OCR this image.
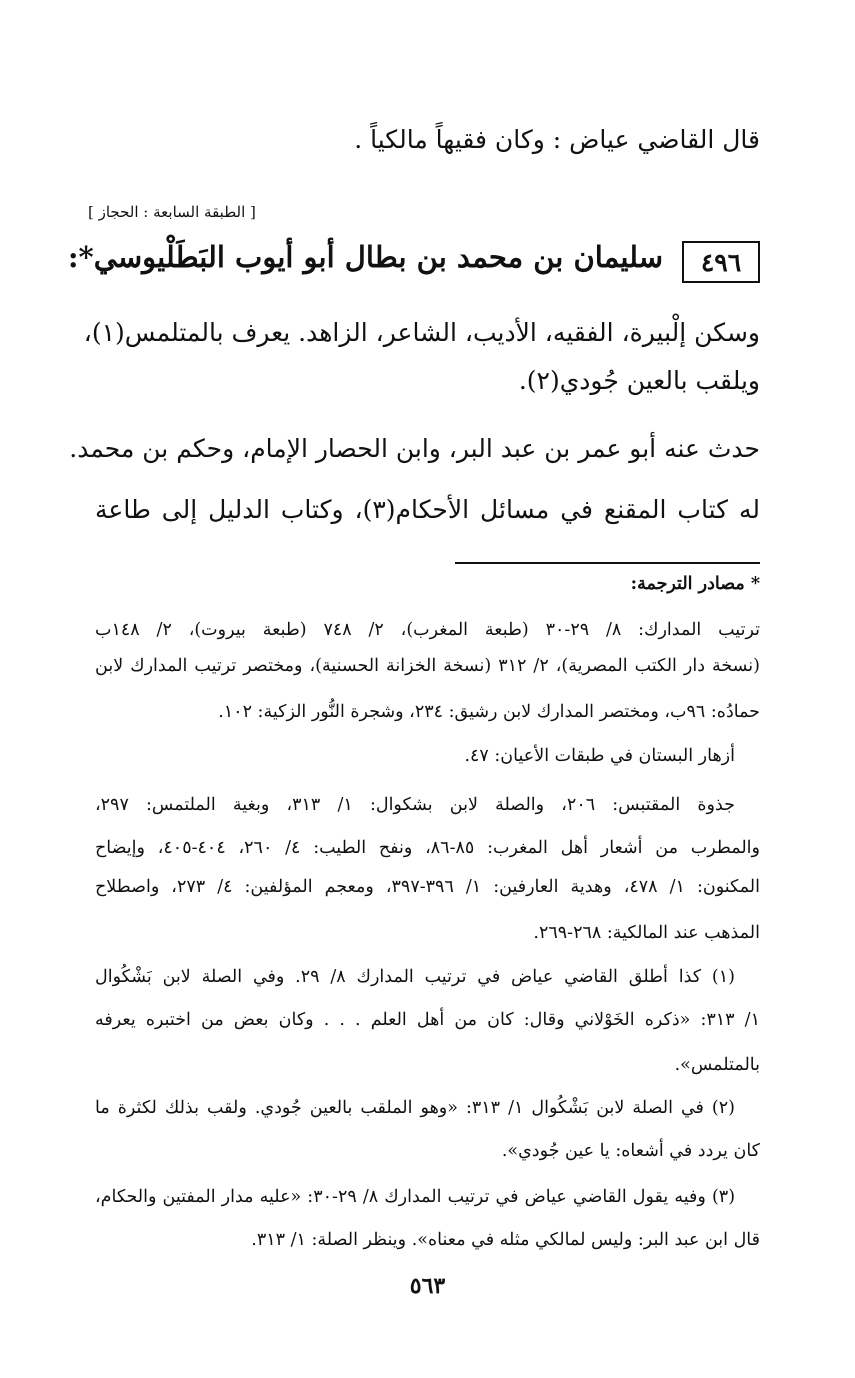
قال القاضي عياض : وكان فقيهاً مالكياً .
[ الطبقة السابعة : الحجاز ]
٤٩٦
سليمان بن محمد بن بطال أبو أيوب البَطَلْيوسي*:
وسكن إلْبيرة، الفقيه، الأديب، الشاعر، الزاهد. يعرف بالمتلمس(١)،
ويلقب بالعين جُودي(٢).
حدث عنه أبو عمر بن عبد البر، وابن الحصار الإمام، وحكم بن محمد.
له كتاب المقنع في مسائل الأحكام(٣)، وكتاب الدليل إلى طاعة
* مصادر الترجمة:
ترتيب المدارك: ٨/ ٢٩-٣٠ (طبعة المغرب)، ٢/ ٧٤٨ (طبعة بيروت)، ٢/ ١٤٨ب
(نسخة دار الكتب المصرية)، ٢/ ٣١٢ (نسخة الخزانة الحسنية)، ومختصر ترتيب المدارك لابن
حمادُه: ٩٦ب، ومختصر المدارك لابن رشيق: ٢٣٤، وشجرة النُّور الزكية: ١٠٢.
أزهار البستان في طبقات الأعيان: ٤٧.
جذوة المقتبس: ٢٠٦، والصلة لابن بشكوال: ١/ ٣١٣، وبغية الملتمس: ٢٩٧،
والمطرب من أشعار أهل المغرب: ٨٥-٨٦، ونفح الطيب: ٤/ ٢٦٠، ٤٠٤-٤٠٥، وإيضاح
المكنون: ١/ ٤٧٨، وهدية العارفين: ١/ ٣٩٦-٣٩٧، ومعجم المؤلفين: ٤/ ٢٧٣، واصطلاح
المذهب عند المالكية: ٢٦٨-٢٦٩.
(١) كذا أطلق القاضي عياض في ترتيب المدارك ٨/ ٢٩. وفي الصلة لابن بَشْكُوال
١/ ٣١٣: «ذكره الخَوْلاني وقال: كان من أهل العلم . . . وكان بعض من اختبره يعرفه
بالمتلمس».
(٢) في الصلة لابن بَشْكُوال ١/ ٣١٣: «وهو الملقب بالعين جُودي. ولقب بذلك لكثرة ما
كان يردد في أشعاه: يا عين جُودي».
(٣) وفيه يقول القاضي عياض في ترتيب المدارك ٨/ ٢٩-٣٠: «عليه مدار المفتين والحكام،
قال ابن عبد البر: وليس لمالكي مثله في معناه». وينظر الصلة: ١/ ٣١٣.
٥٦٣
